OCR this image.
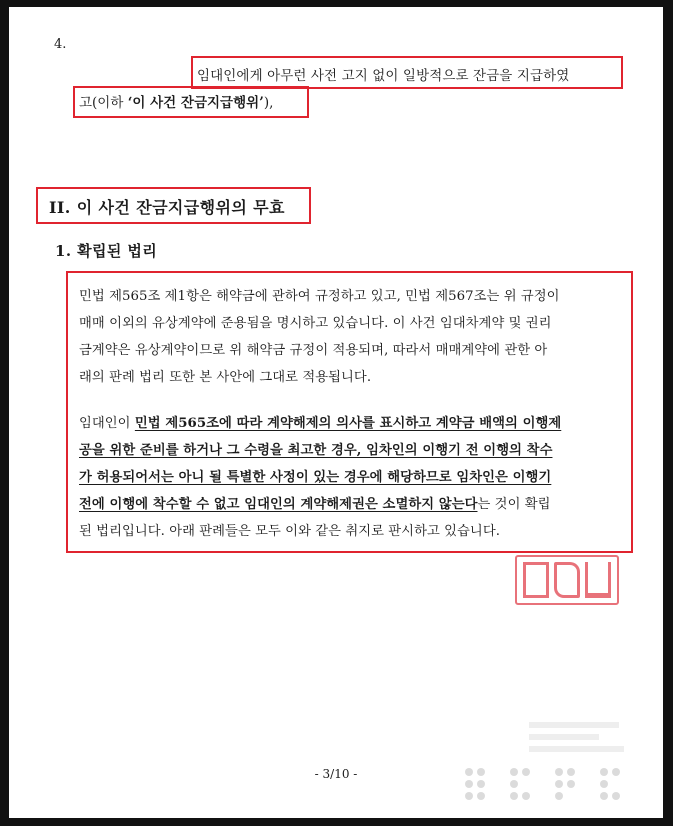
4.
임대인에게 아무런 사전 고지 없이 일방적으로 잔금을 지급하였
고(이하 ‘이 사건 잔금지급행위’),
II. 이 사건 잔금지급행위의 무효
1. 확립된 법리
민법 제565조 제1항은 해약금에 관하여 규정하고 있고, 민법 제567조는 위 규정이
매매 이외의 유상계약에 준용됨을 명시하고 있습니다. 이 사건 임대차계약 및 권리
금계약은 유상계약이므로 위 해약금 규정이 적용되며, 따라서 매매계약에 관한 아
래의 판례 법리 또한 본 사안에 그대로 적용됩니다.
임대인이 민법 제565조에 따라 계약해제의 의사를 표시하고 계약금 배액의 이행제
공을 위한 준비를 하거나 그 수령을 최고한 경우, 임차인의 이행기 전 이행의 착수
가 허용되어서는 아니 될 특별한 사정이 있는 경우에 해당하므로 임차인은 이행기
전에 이행에 착수할 수 없고 임대인의 계약해제권은 소멸하지 않는다는 것이 확립
된 법리입니다. 아래 판례들은 모두 이와 같은 취지로 판시하고 있습니다.
- 3/10 -
